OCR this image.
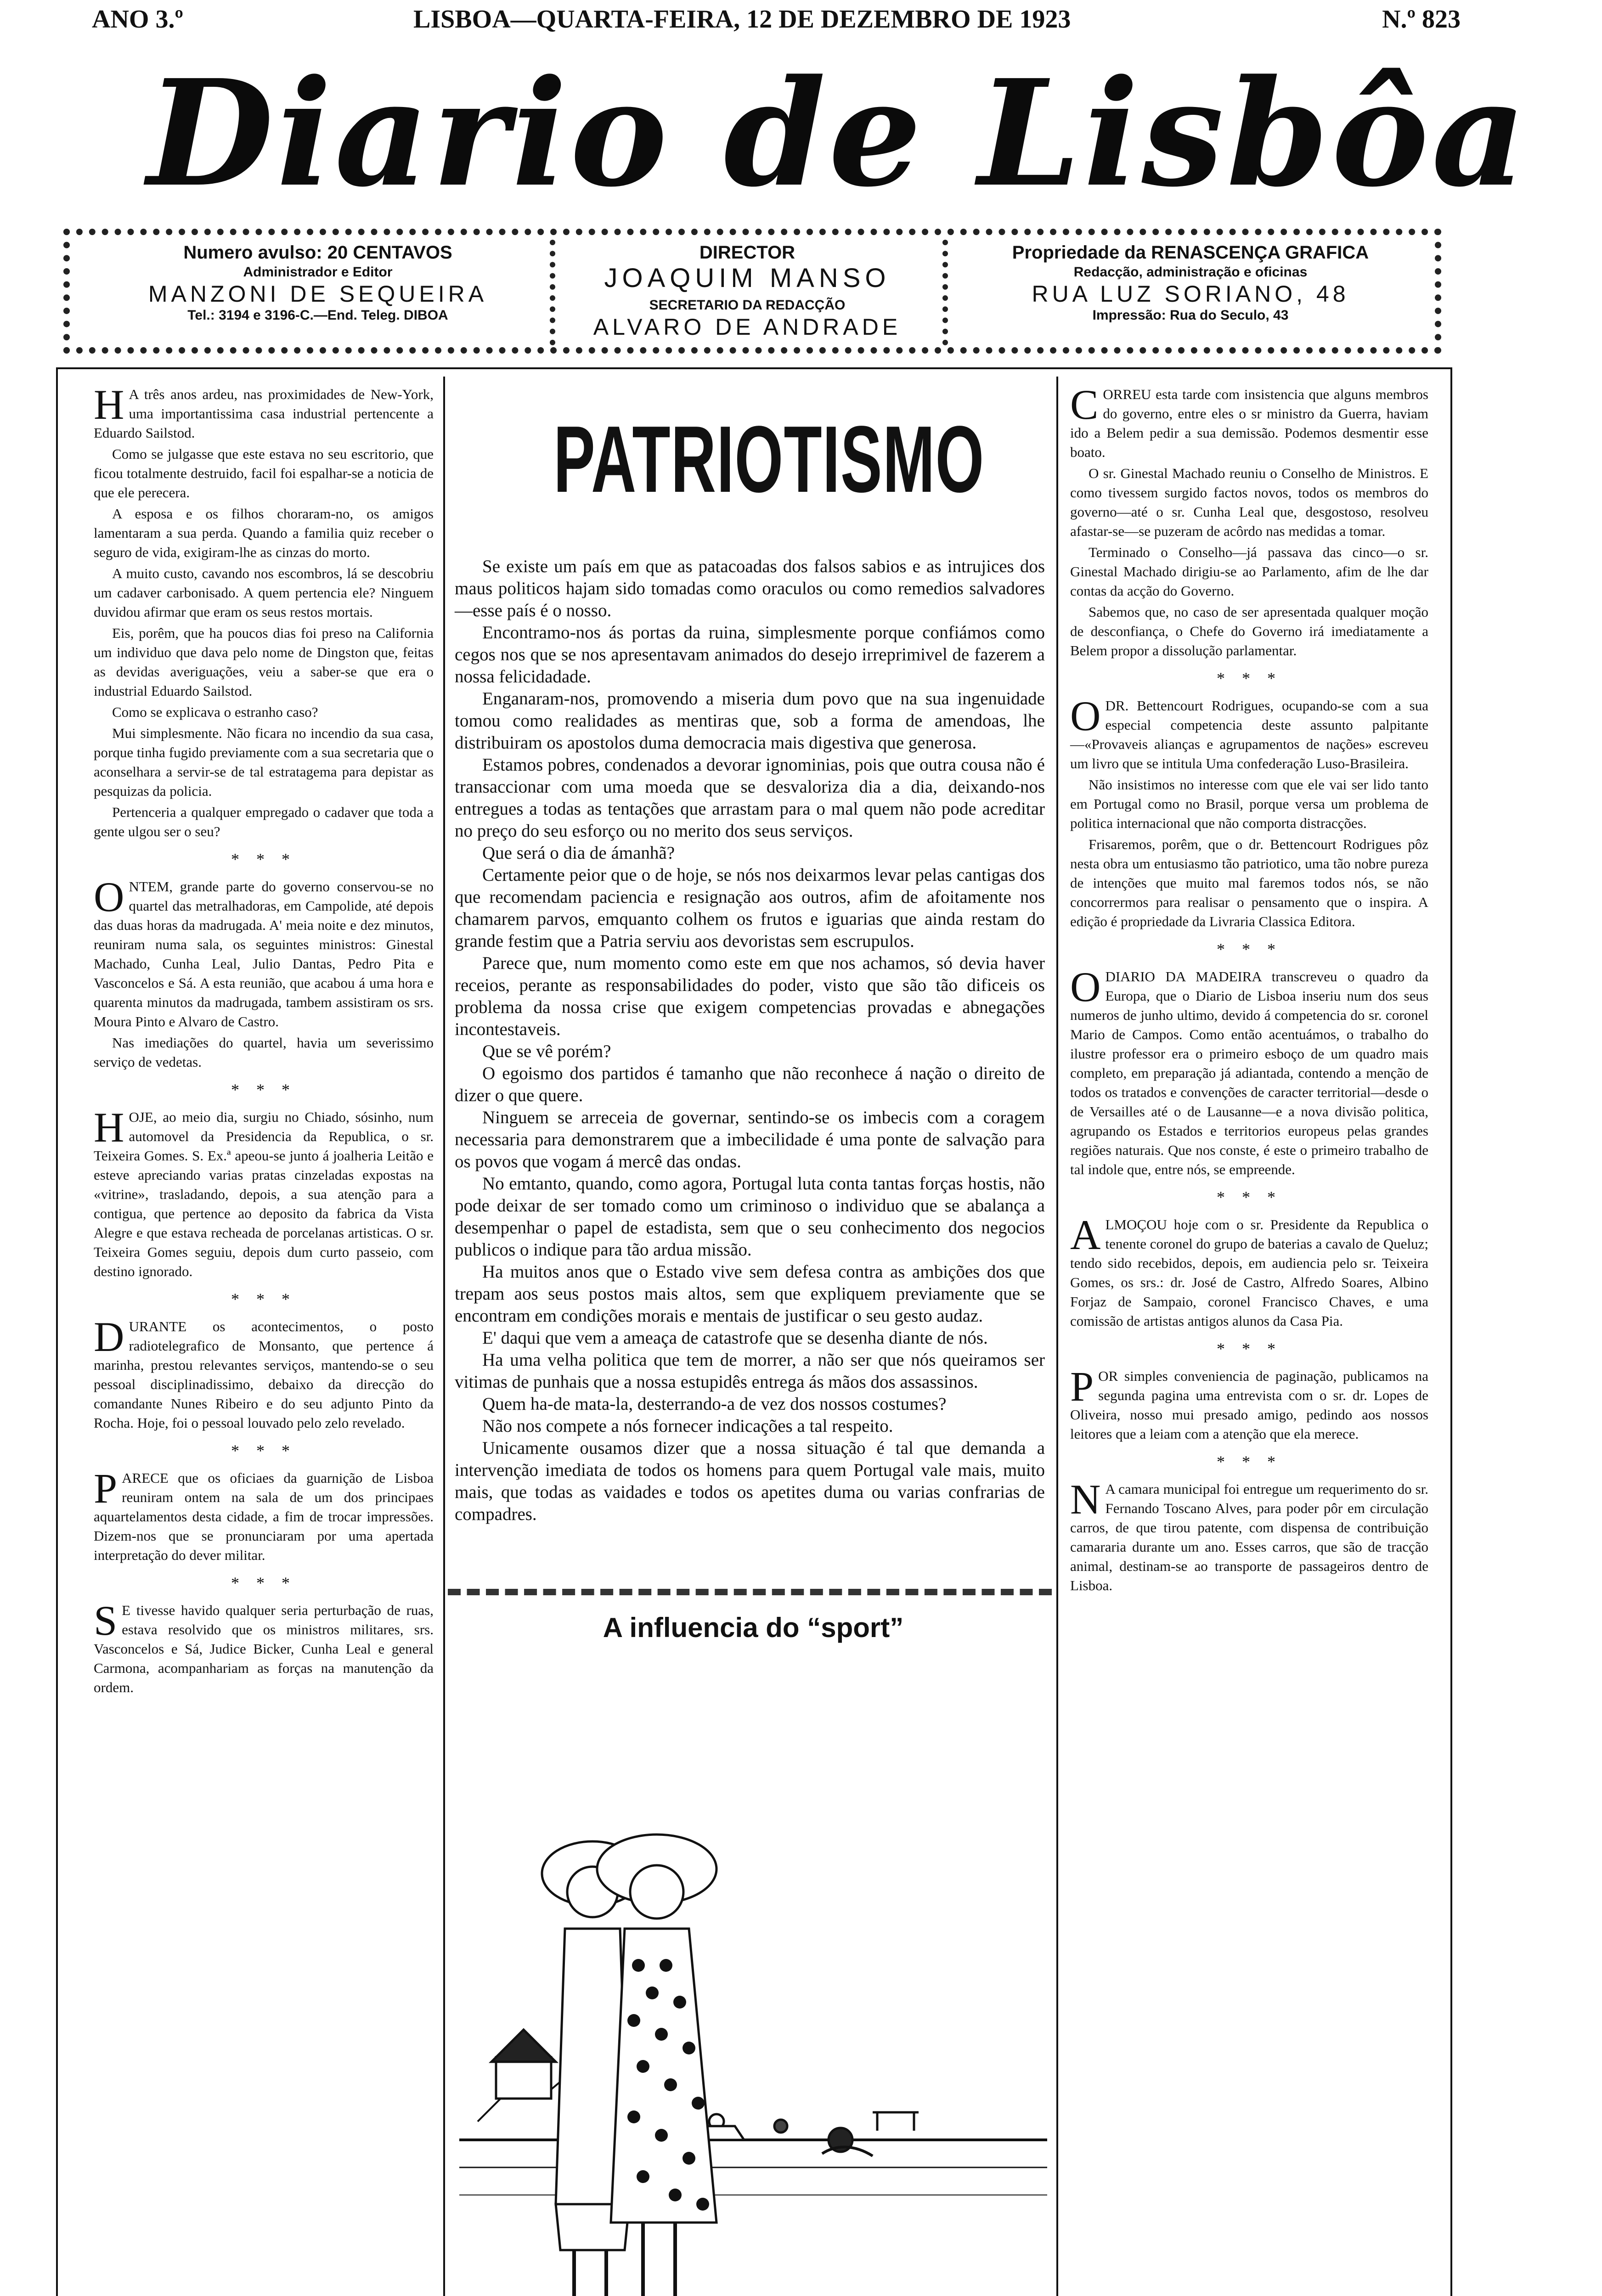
ANO 3.º	LISBOA—QUARTA-FEIRA, 12 DE DEZEMBRO DE 1923	N.º 823
Diario de Lisbôa
Numero avulso: 20 CENTAVOS
Administrador e Editor
MANZONI DE SEQUEIRA
Tel.: 3194 e 3196-C.—End. Teleg. DIBOA
DIRECTOR
JOAQUIM MANSO
SECRETARIO DA REDACÇÃO
ALVARO DE ANDRADE
Propriedade da RENASCENÇA GRAFICA
Redacção, administração e oficinas
RUA LUZ SORIANO, 48
Impressão: Rua do Seculo, 43

H A três anos ardeu, nas proximidades de New-York, uma importantissima casa industrial pertencente a Eduardo Sailstod.

Como se julgasse que este estava no seu escritorio, que ficou totalmente destruido, facil foi espalhar-se a noticia de que ele perecera.

A esposa e os filhos choraram-no, os amigos lamentaram a sua perda. Quando a familia quiz receber o seguro de vida, exigiram-lhe as cinzas do morto.

A muito custo, cavando nos escombros, lá se descobriu um cadaver carbonisado. A quem pertencia ele? Ninguem duvidou afirmar que eram os seus restos mortais.

Eis, porêm, que ha poucos dias foi preso na California um individuo que dava pelo nome de Dingston que, feitas as devidas averiguações, veiu a saber-se que era o industrial Eduardo Sailstod.

Como se explicava o estranho caso?

Mui simplesmente. Não ficara no incendio da sua casa, porque tinha fugido previamente com a sua secretaria que o aconselhara a servir-se de tal estratagema para depistar as pesquizas da policia.

Pertenceria a qualquer empregado o cadaver que toda a gente ulgou ser o seu?

* * *

ONTEM, grande parte do governo conservou-se no quartel das metralhadoras, em Campolide, até depois das duas horas da madrugada. A' meia noite e dez minutos, reuniram numa sala, os seguintes ministros: Ginestal Machado, Cunha Leal, Julio Dantas, Pedro Pita e Vasconcelos e Sá. A esta reunião, que acabou á uma hora e quarenta minutos da madrugada, tambem assistiram os srs. Moura Pinto e Alvaro de Castro.

Nas imediações do quartel, havia um severissimo serviço de vedetas.

* * *

HOJE, ao meio dia, surgiu no Chiado, sósinho, num automovel da Presidencia da Republica, o sr. Teixeira Gomes. S. Ex.ª apeou-se junto á joalheria Leitão e esteve apreciando varias pratas cinzeladas expostas na «vitrine», trasladando, depois, a sua atenção para a contigua, que pertence ao deposito da fabrica da Vista Alegre e que estava recheada de porcelanas artisticas. O sr. Teixeira Gomes seguiu, depois dum curto passeio, com destino ignorado.

* * *

DURANTE os acontecimentos, o posto radiotelegrafico de Monsanto, que pertence á marinha, prestou relevantes serviços, mantendo-se o seu pessoal disciplinadissimo, debaixo da direcção do comandante Nunes Ribeiro e do seu adjunto Pinto da Rocha. Hoje, foi o pessoal louvado pelo zelo revelado.

* * *

PARECE que os oficiaes da guarnição de Lisboa reuniram ontem na sala de um dos principaes aquartelamentos desta cidade, a fim de trocar impressões. Dizem-nos que se pronunciaram por uma apertada interpretação do dever militar.

* * *

S E tivesse havido qualquer seria perturbação de ruas, estava resolvido que os ministros militares, srs. Vasconcelos e Sá, Judice Bicker, Cunha Leal e general Carmona, acompanhariam as forças na manutenção da ordem.

PATRIOTISMO

Se existe um país em que as patacoadas dos falsos sabios e as intrujices dos maus politicos hajam sido tomadas como oraculos ou como remedios salvadores—esse país é o nosso.

Encontramo-nos ás portas da ruina, simplesmente porque confiámos como cegos nos que se nos apresentavam animados do desejo irreprimivel de fazerem a nossa felicidadade.

Enganaram-nos, promovendo a miseria dum povo que na sua ingenuidade tomou como realidades as mentiras que, sob a forma de amendoas, lhe distribuiram os apostolos duma democracia mais digestiva que generosa.

Estamos pobres, condenados a devorar ignominias, pois que outra cousa não é transaccionar com uma moeda que se desvaloriza dia a dia, deixando-nos entregues a todas as tentações que arrastam para o mal quem não pode acreditar no preço do seu esforço ou no merito dos seus serviços.

Que será o dia de ámanhã?

Certamente peior que o de hoje, se nós nos deixarmos levar pelas cantigas dos que recomendam paciencia e resignação aos outros, afim de afoitamente nos chamarem parvos, emquanto colhem os frutos e iguarias que ainda restam do grande festim que a Patria serviu aos devoristas sem escrupulos.

Parece que, num momento como este em que nos achamos, só devia haver receios, perante as responsabilidades do poder, visto que são tão dificeis os problema da nossa crise que exigem competencias provadas e abnegações incontestaveis.

Que se vê porém?

O egoismo dos partidos é tamanho que não reconhece á nação o direito de dizer o que quere.

Ninguem se arreceia de governar, sentindo-se os imbecis com a coragem necessaria para demonstrarem que a imbecilidade é uma ponte de salvação para os povos que vogam á mercê das ondas.

No emtanto, quando, como agora, Portugal luta conta tantas forças hostis, não pode deixar de ser tomado como um criminoso o individuo que se abalança a desempenhar o papel de estadista, sem que o seu conhecimento dos negocios publicos o indique para tão ardua missão.

Ha muitos anos que o Estado vive sem defesa contra as ambições dos que trepam aos seus postos mais altos, sem que expliquem previamente que se encontram em condições morais e mentais de justificar o seu gesto audaz.

E' daqui que vem a ameaça de catastrofe que se desenha diante de nós.

Ha uma velha politica que tem de morrer, a não ser que nós queiramos ser vitimas de punhais que a nossa estupidês entrega ás mãos dos assassinos.

Quem ha-de mata-la, desterrando-a de vez dos nossos costumes?

Não nos compete a nós fornecer indicações a tal respeito.

Unicamente ousamos dizer que a nossa situação é tal que demanda a intervenção imediata de todos os homens para quem Portugal vale mais, muito mais, que todas as vaidades e todos os apetites duma ou varias confrarias de compadres.

A influencia do “sport”

CORREU esta tarde com insistencia que alguns membros do governo, entre eles o sr ministro da Guerra, haviam ido a Belem pedir a sua demissão. Podemos desmentir esse boato.

O sr. Ginestal Machado reuniu o Conselho de Ministros. E como tivessem surgido factos novos, todos os membros do governo—até o sr. Cunha Leal que, desgostoso, resolveu afastar-se—se puzeram de acôrdo nas medidas a tomar.

Terminado o Conselho—já passava das cinco—o sr. Ginestal Machado dirigiu-se ao Parlamento, afim de lhe dar contas da acção do Governo.

Sabemos que, no caso de ser apresentada qualquer moção de desconfiança, o Chefe do Governo irá imediatamente a Belem propor a dissolução parlamentar.

* * *

ODR. Bettencourt Rodrigues, ocupando-se com a sua especial competencia deste assunto palpitante—«Provaveis alianças e agrupamentos de nações» escreveu um livro que se intitula Uma confederação Luso-Brasileira.

Não insistimos no interesse com que ele vai ser lido tanto em Portugal como no Brasil, porque versa um problema de politica internacional que não comporta distracções.

Frisaremos, porêm, que o dr. Bettencourt Rodrigues pôz nesta obra um entusiasmo tão patriotico, uma tão nobre pureza de intenções que muito mal faremos todos nós, se não concorrermos para realisar o pensamento que o inspira. A edição é propriedade da Livraria Classica Editora.

* * *

ODIARIO DA MADEIRA transcreveu o quadro da Europa, que o Diario de Lisboa inseriu num dos seus numeros de junho ultimo, devido á competencia do sr. coronel Mario de Campos. Como então acentuámos, o trabalho do ilustre professor era o primeiro esboço de um quadro mais completo, em preparação já adiantada, contendo a menção de todos os tratados e convenções de caracter territorial—desde o de Versailles até o de Lausanne—e a nova divisão politica, agrupando os Estados e territorios europeus pelas grandes regiões naturais. Que nos conste, é este o primeiro trabalho de tal indole que, entre nós, se empreende.

* * *

ALMOÇOU hoje com o sr. Presidente da Republica o tenente coronel do grupo de baterias a cavalo de Queluz; tendo sido recebidos, depois, em audiencia pelo sr. Teixeira Gomes, os srs.: dr. José de Castro, Alfredo Soares, Albino Forjaz de Sampaio, coronel Francisco Chaves, e uma comissão de artistas antigos alunos da Casa Pia.

* * *

POR simples conveniencia de paginação, publicamos na segunda pagina uma entrevista com o sr. dr. Lopes de Oliveira, nosso mui presado amigo, pedindo aos nossos leitores que a leiam com a atenção que ela merece.

* * *

N A camara municipal foi entregue um requerimento do sr. Fernando Toscano Alves, para poder pôr em circulação carros, de que tirou patente, com dispensa de contribuição camararia durante um ano. Esses carros, que são de tracção animal, destinam-se ao transporte de passageiros dentro de Lisboa.
